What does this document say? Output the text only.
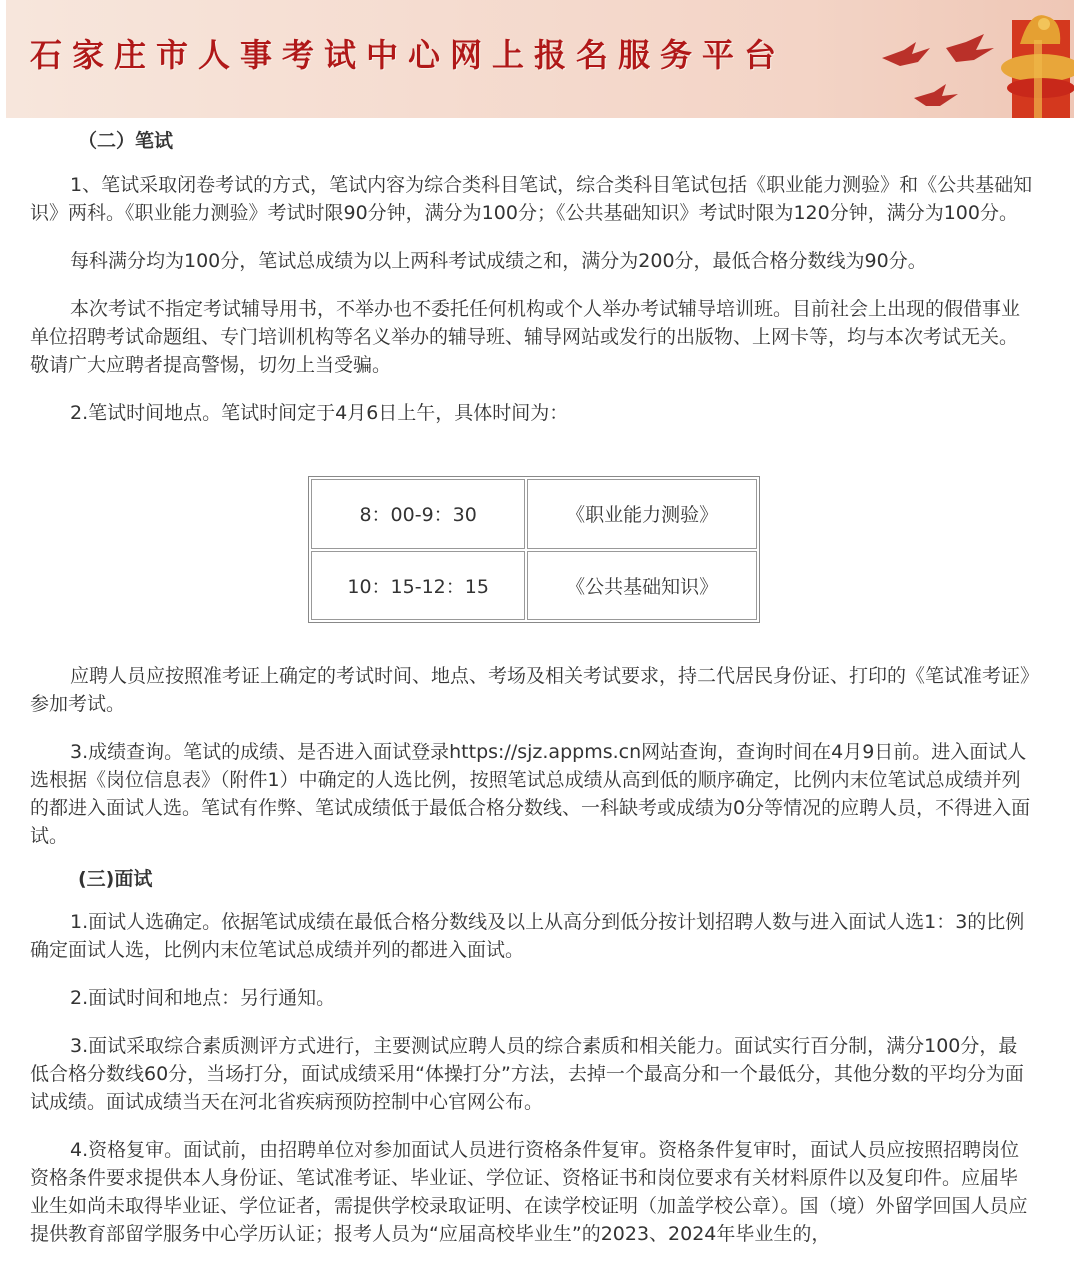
石家庄市人事考试中心网上报名服务平台
（二）笔试

1、笔试采取闭卷考试的方式，笔试内容为综合类科目笔试，综合类科目笔试包括《职业能力测验》和《公共基础知识》两科。《职业能力测验》考试时限90分钟，满分为100分；《公共基础知识》考试时限为120分钟，满分为100分。

每科满分均为100分，笔试总成绩为以上两科考试成绩之和，满分为200分，最低合格分数线为90分。

本次考试不指定考试辅导用书，不举办也不委托任何机构或个人举办考试辅导培训班。目前社会上出现的假借事业单位招聘考试命题组、专门培训机构等名义举办的辅导班、辅导网站或发行的出版物、上网卡等，均与本次考试无关。敬请广大应聘者提高警惕，切勿上当受骗。

2.笔试时间地点。笔试时间定于4月6日上午，具体时间为：

应聘人员应按照准考证上确定的考试时间、地点、考场及相关考试要求，持二代居民身份证、打印的《笔试准考证》参加考试。

3.成绩查询。笔试的成绩、是否进入面试登录https://sjz.appms.cn网站查询，查询时间在4月9日前。进入面试人选根据《岗位信息表》（附件1）中确定的人选比例，按照笔试总成绩从高到低的顺序确定，比例内末位笔试总成绩并列的都进入面试人选。笔试有作弊、笔试成绩低于最低合格分数线、一科缺考或成绩为0分等情况的应聘人员，不得进入面试。

(三)面试

1.面试人选确定。依据笔试成绩在最低合格分数线及以上从高分到低分按计划招聘人数与进入面试人选1：3的比例确定面试人选，比例内末位笔试总成绩并列的都进入面试。

2.面试时间和地点：另行通知。

3.面试采取综合素质测评方式进行，主要测试应聘人员的综合素质和相关能力。面试实行百分制，满分100分，最低合格分数线60分，当场打分，面试成绩采用“体操打分”方法，去掉一个最高分和一个最低分，其他分数的平均分为面试成绩。面试成绩当天在河北省疾病预防控制中心官网公布。

4.资格复审。面试前，由招聘单位对参加面试人员进行资格条件复审。资格条件复审时，面试人员应按照招聘岗位资格条件要求提供本人身份证、笔试准考证、毕业证、学位证、资格证书和岗位要求有关材料原件以及复印件。应届毕业生如尚未取得毕业证、学位证者，需提供学校录取证明、在读学校证明（加盖学校公章）。国（境）外留学回国人员应提供教育部留学服务中心学历认证；报考人员为“应届高校毕业生”的2023、2024年毕业生的，

8：00-9：30	《职业能力测验》
10：15-12：15	《公共基础知识》
